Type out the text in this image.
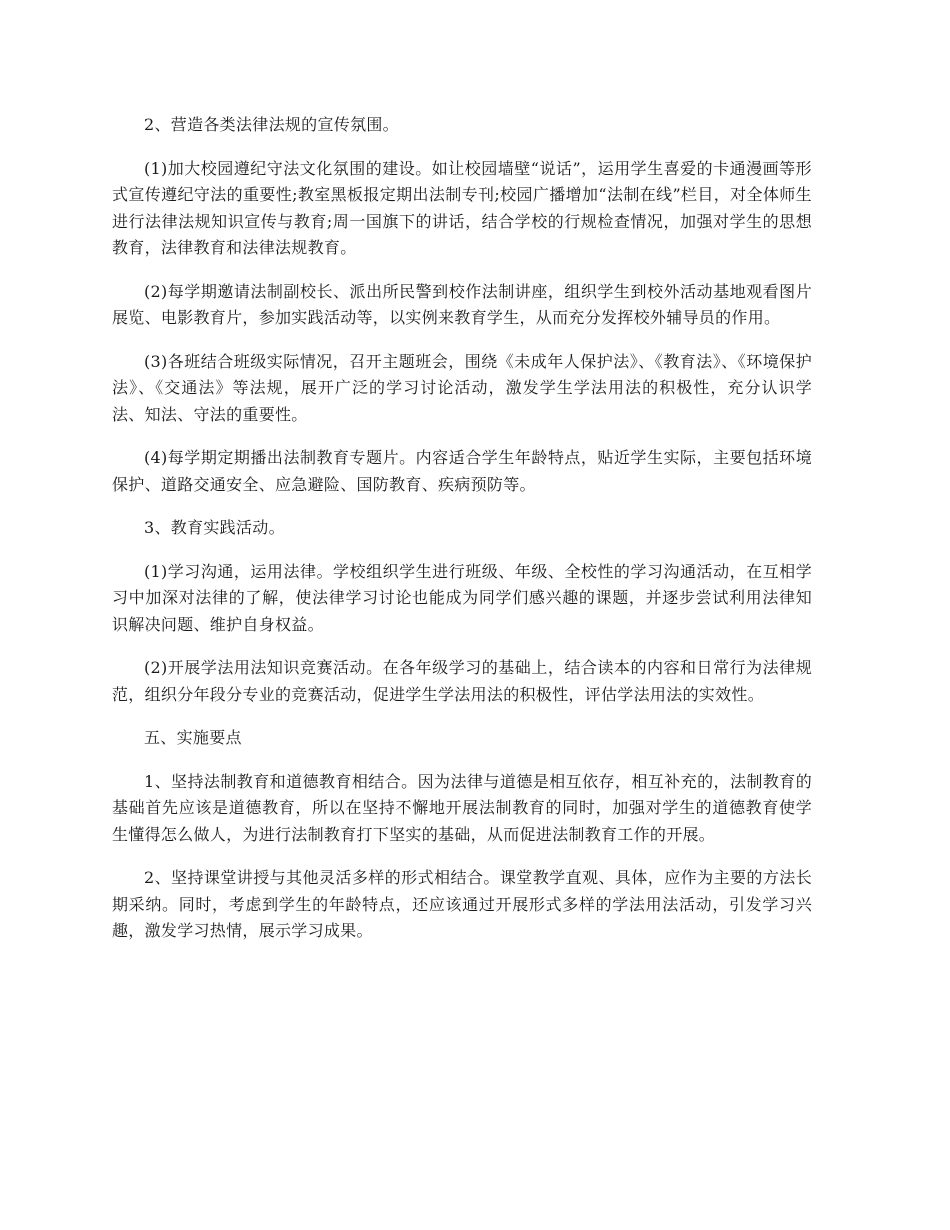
2、营造各类法律法规的宣传氛围。

(1)加大校园遵纪守法文化氛围的建设。如让校园墙壁“说话”，运用学生喜爱的卡通漫画等形式宣传遵纪守法的重要性;教室黑板报定期出法制专刊;校园广播增加“法制在线”栏目，对全体师生进行法律法规知识宣传与教育;周一国旗下的讲话，结合学校的行规检查情况，加强对学生的思想教育，法律教育和法律法规教育。

(2)每学期邀请法制副校长、派出所民警到校作法制讲座，组织学生到校外活动基地观看图片展览、电影教育片，参加实践活动等，以实例来教育学生，从而充分发挥校外辅导员的作用。

(3)各班结合班级实际情况，召开主题班会，围绕《未成年人保护法》、《教育法》、《环境保护法》、《交通法》等法规，展开广泛的学习讨论活动，激发学生学法用法的积极性，充分认识学法、知法、守法的重要性。

(4)每学期定期播出法制教育专题片。内容适合学生年龄特点，贴近学生实际，主要包括环境保护、道路交通安全、应急避险、国防教育、疾病预防等。

3、教育实践活动。

(1)学习沟通，运用法律。学校组织学生进行班级、年级、全校性的学习沟通活动，在互相学习中加深对法律的了解，使法律学习讨论也能成为同学们感兴趣的课题，并逐步尝试利用法律知识解决问题、维护自身权益。

(2)开展学法用法知识竞赛活动。在各年级学习的基础上，结合读本的内容和日常行为法律规范，组织分年段分专业的竞赛活动，促进学生学法用法的积极性，评估学法用法的实效性。

五、实施要点

1、坚持法制教育和道德教育相结合。因为法律与道德是相互依存，相互补充的，法制教育的基础首先应该是道德教育，所以在坚持不懈地开展法制教育的同时，加强对学生的道德教育使学生懂得怎么做人，为进行法制教育打下坚实的基础，从而促进法制教育工作的开展。

2、坚持课堂讲授与其他灵活多样的形式相结合。课堂教学直观、具体，应作为主要的方法长期采纳。同时，考虑到学生的年龄特点，还应该通过开展形式多样的学法用法活动，引发学习兴趣，激发学习热情，展示学习成果。
